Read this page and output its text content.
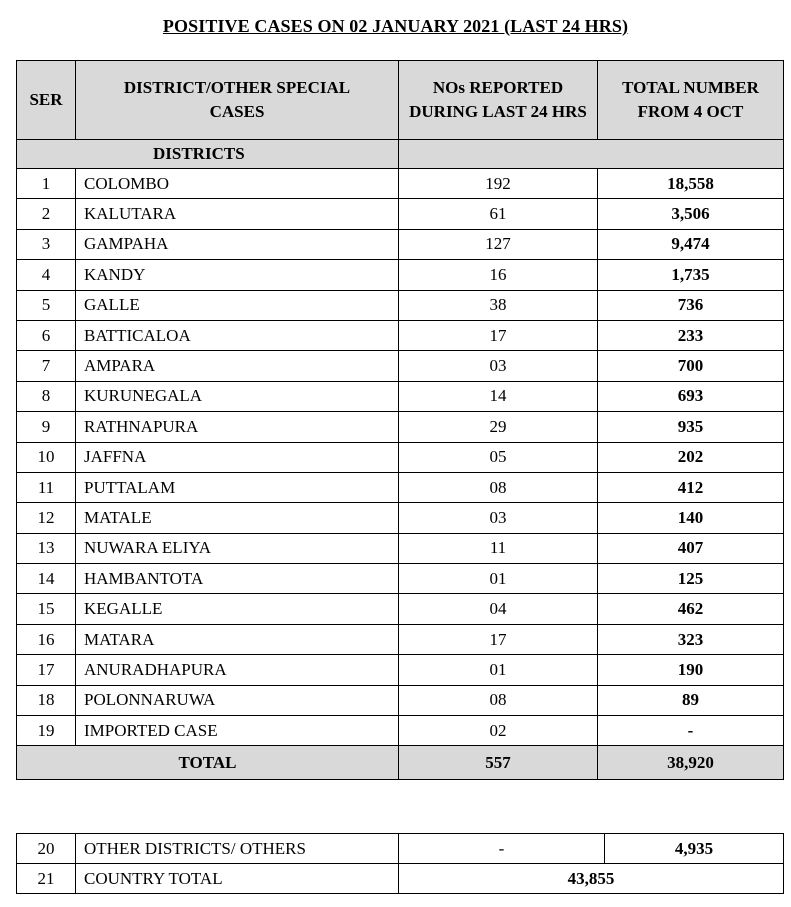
POSITIVE CASES ON 02 JANUARY 2021 (LAST 24 HRS)
SER	DISTRICT/OTHER SPECIAL CASES	NOs REPORTED DURING LAST 24 HRS	TOTAL NUMBER FROM 4 OCT
DISTRICTS			
1	COLOMBO	192	18,558
2	KALUTARA	61	3,506
3	GAMPAHA	127	9,474
4	KANDY	16	1,735
5	GALLE	38	736
6	BATTICALOA	17	233
7	AMPARA	03	700
8	KURUNEGALA	14	693
9	RATHNAPURA	29	935
10	JAFFNA	05	202
11	PUTTALAM	08	412
12	MATALE	03	140
13	NUWARA ELIYA	11	407
14	HAMBANTOTA	01	125
15	KEGALLE	04	462
16	MATARA	17	323
17	ANURADHAPURA	01	190
18	POLONNARUWA	08	89
19	IMPORTED CASE	02	-
TOTAL		557	38,920
20	OTHER DISTRICTS/ OTHERS	-	4,935
21	COUNTRY TOTAL	43,855	
